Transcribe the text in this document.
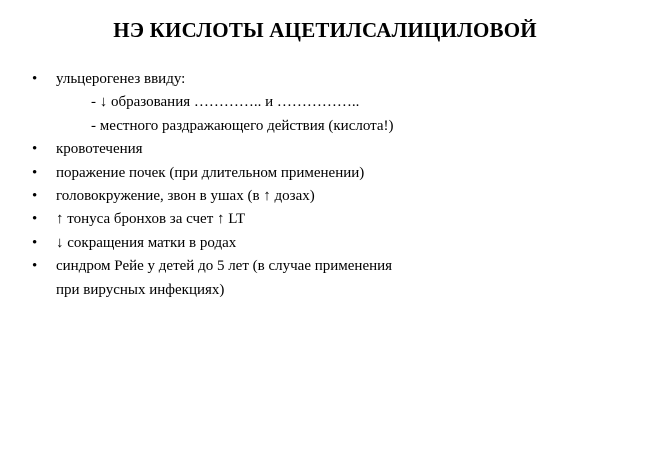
НЭ КИСЛОТЫ АЦЕТИЛСАЛИЦИЛОВОЙ
• ульцерогенез ввиду:
- ↓ образования ………….. и ……………..
- местного раздражающего действия (кислота!)
• кровотечения
• поражение почек (при длительном применении)
• головокружение, звон в ушах (в ↑ дозах)
• ↑ тонуса бронхов за счет ↑ LT
• ↓ сокращения матки в родах
• синдром Рейе у детей до 5 лет (в случае применения
при вирусных инфекциях)
